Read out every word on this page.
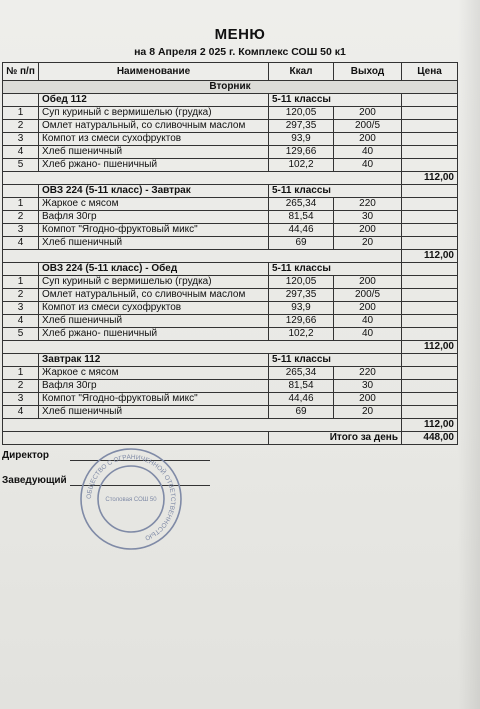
МЕНЮ
на 8 Апреля 2 025 г. Комплекс СОШ 50 к1
№ п/п	Наименование	Ккал	Выход	Цена
Вторник				
	Обед 112	5-11 классы		
1	Суп куриный с вермишелью (грудка)	120,05	200	
2	Омлет натуральный, со сливочным маслом	297,35	200/5	
3	Компот из смеси сухофруктов	93,9	200	
4	Хлеб пшеничный	129,66	40	
5	Хлеб ржано- пшеничный	102,2	40	
				112,00
	ОВЗ 224 (5-11 класс) - Завтрак	5-11 классы		
1	Жаркое с мясом	265,34	220	
2	Вафля 30гр	81,54	30	
3	Компот "Ягодно-фруктовый микс"	44,46	200	
4	Хлеб пшеничный	69	20	
				112,00
	ОВЗ 224 (5-11 класс) - Обед	5-11 классы		
1	Суп куриный с вермишелью (грудка)	120,05	200	
2	Омлет натуральный, со сливочным маслом	297,35	200/5	
3	Компот из смеси сухофруктов	93,9	200	
4	Хлеб пшеничный	129,66	40	
5	Хлеб ржано- пшеничный	102,2	40	
				112,00
	Завтрак 112	5-11 классы		
1	Жаркое с мясом	265,34	220	
2	Вафля 30гр	81,54	30	
3	Компот "Ягодно-фруктовый микс"	44,46	200	
4	Хлеб пшеничный	69	20	
				112,00
		Итого за день		448,00
Директор
Заведующий
ОБЩЕСТВО С ОГРАНИЧЕННОЙ ОТВЕТСТВЕННОСТЬЮ
Столовая СОШ 50
